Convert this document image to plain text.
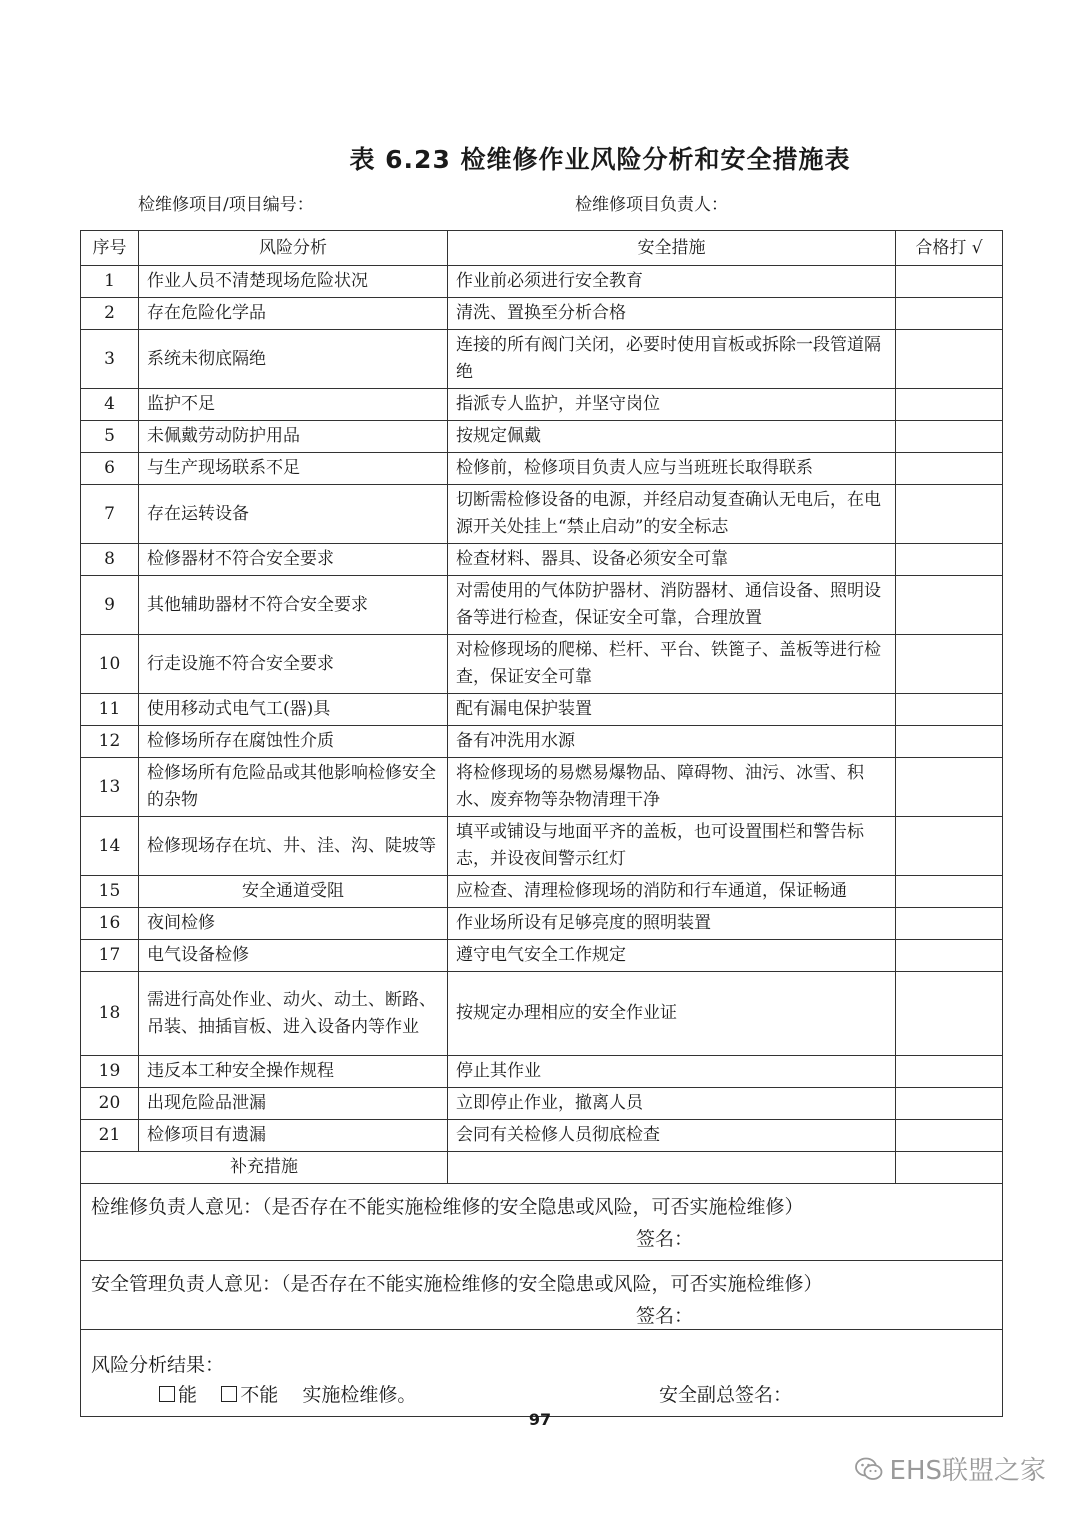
表 6.23 检维修作业风险分析和安全措施表
检维修项目/项目编号：	检维修项目负责人：
序号	风险分析	安全措施	合格打 √
1	作业人员不清楚现场危险状况	作业前必须进行安全教育	
2	存在危险化学品	清洗、置换至分析合格	
3	系统未彻底隔绝	连接的所有阀门关闭，必要时使用盲板或拆除一段管道隔绝	
4	监护不足	指派专人监护，并坚守岗位	
5	未佩戴劳动防护用品	按规定佩戴	
6	与生产现场联系不足	检修前，检修项目负责人应与当班班长取得联系	
7	存在运转设备	切断需检修设备的电源，并经启动复查确认无电后，在电源开关处挂上“禁止启动”的安全标志	
8	检修器材不符合安全要求	检查材料、器具、设备必须安全可靠	
9	其他辅助器材不符合安全要求	对需使用的气体防护器材、消防器材、通信设备、照明设备等进行检查，保证安全可靠，合理放置	
10	行走设施不符合安全要求	对检修现场的爬梯、栏杆、平台、铁篦子、盖板等进行检查，保证安全可靠	
11	使用移动式电气工(器)具	配有漏电保护装置	
12	检修场所存在腐蚀性介质	备有冲洗用水源	
13	检修场所有危险品或其他影响检修安全的杂物	将检修现场的易燃易爆物品、障碍物、油污、冰雪、积水、废弃物等杂物清理干净	
14	检修现场存在坑、井、洼、沟、陡坡等	填平或铺设与地面平齐的盖板，也可设置围栏和警告标志，并设夜间警示红灯	
15	安全通道受阻	应检查、清理检修现场的消防和行车通道，保证畅通	
16	夜间检修	作业场所设有足够亮度的照明装置	
17	电气设备检修	遵守电气安全工作规定	
18	需进行高处作业、动火、动土、断路、吊装、抽插盲板、进入设备内等作业	按规定办理相应的安全作业证	
19	违反本工种安全操作规程	停止其作业	
20	出现危险品泄漏	立即停止作业，撤离人员	
21	检修项目有遗漏	会同有关检修人员彻底检查	
补充措施			

检维修负责人意见：（是否存在不能实施检维修的安全隐患或风险，可否实施检维修）
签名：			

安全管理负责人意见：（是否存在不能实施检维修的安全隐患或风险，可否实施检维修）
签名：			

风险分析结果：
能 不能 实施检维修。 安全副总签名：			
97
EHS联盟之家
